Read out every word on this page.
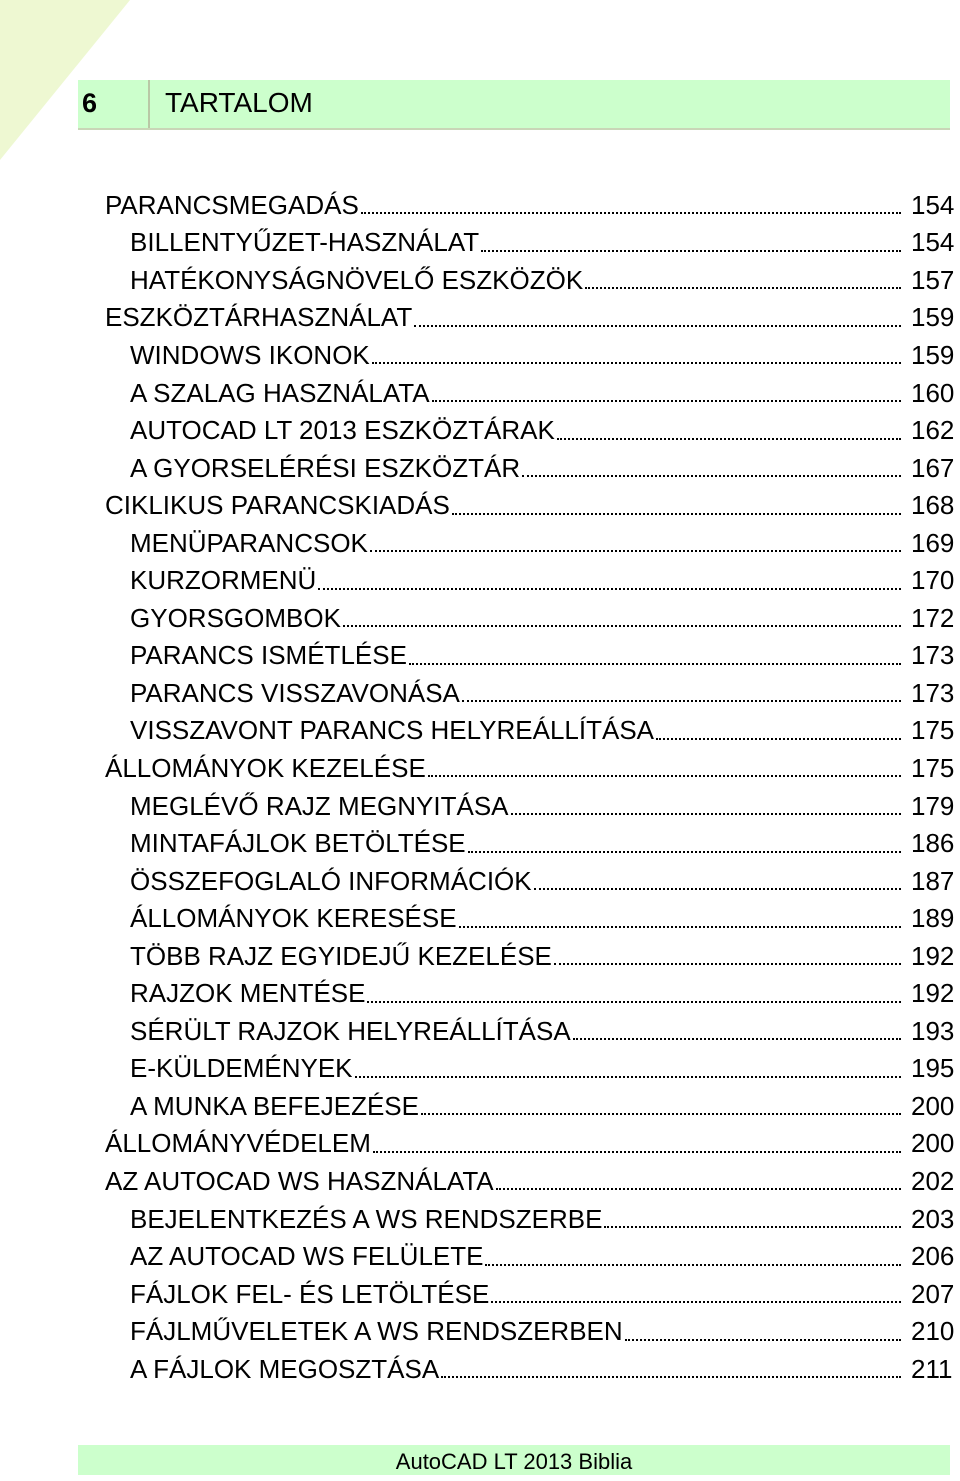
6 TARTALOM
PARANCSMEGADÁS	154
BILLENTYŰZET-HASZNÁLAT	154
HATÉKONYSÁGNÖVELŐ ESZKÖZÖK	157
ESZKÖZTÁRHASZNÁLAT	159
WINDOWS IKONOK	159
A SZALAG HASZNÁLATA	160
AUTOCAD LT 2013 ESZKÖZTÁRAK	162
A GYORSELÉRÉSI ESZKÖZTÁR	167
CIKLIKUS PARANCSKIADÁS	168
MENÜPARANCSOK	169
KURZORMENÜ	170
GYORSGOMBOK	172
PARANCS ISMÉTLÉSE	173
PARANCS VISSZAVONÁSA	173
VISSZAVONT PARANCS HELYREÁLLÍTÁSA	175
ÁLLOMÁNYOK KEZELÉSE	175
MEGLÉVŐ RAJZ MEGNYITÁSA	179
MINTAFÁJLOK BETÖLTÉSE	186
ÖSSZEFOGLALÓ INFORMÁCIÓK	187
ÁLLOMÁNYOK KERESÉSE	189
TÖBB RAJZ EGYIDEJŰ KEZELÉSE	192
RAJZOK MENTÉSE	192
SÉRÜLT RAJZOK HELYREÁLLÍTÁSA	193
E-KÜLDEMÉNYEK	195
A MUNKA BEFEJEZÉSE	200
ÁLLOMÁNYVÉDELEM	200
AZ AUTOCAD WS HASZNÁLATA	202
BEJELENTKEZÉS A WS RENDSZERBE	203
AZ AUTOCAD WS FELÜLETE	206
FÁJLOK FEL- ÉS LETÖLTÉSE	207
FÁJLMŰVELETEK A WS RENDSZERBEN	210
A FÁJLOK MEGOSZTÁSA	211
AutoCAD LT 2013 Biblia
